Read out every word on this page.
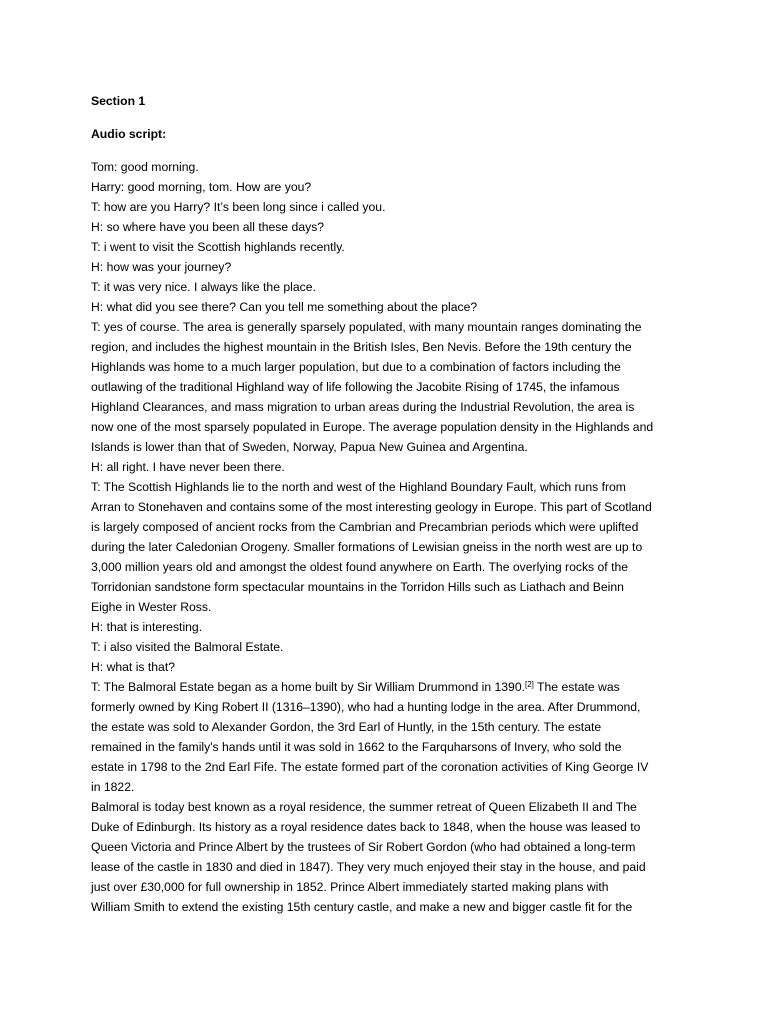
Section 1
Audio script:
Tom: good morning.
Harry: good morning, tom. How are you?
T: how are you Harry? It’s been long since i called you.
H: so where have you been all these days?
T: i went to visit the Scottish highlands recently.
H: how was your journey?
T: it was very nice. I always like the place.
H: what did you see there? Can you tell me something about the place?
T: yes of course. The area is generally sparsely populated, with many mountain ranges dominating the
region, and includes the highest mountain in the British Isles, Ben Nevis. Before the 19th century the
Highlands was home to a much larger population, but due to a combination of factors including the
outlawing of the traditional Highland way of life following the Jacobite Rising of 1745, the infamous
Highland Clearances, and mass migration to urban areas during the Industrial Revolution, the area is
now one of the most sparsely populated in Europe. The average population density in the Highlands and
Islands is lower than that of Sweden, Norway, Papua New Guinea and Argentina.
H: all right. I have never been there.
T: The Scottish Highlands lie to the north and west of the Highland Boundary Fault, which runs from
Arran to Stonehaven and contains some of the most interesting geology in Europe. This part of Scotland
is largely composed of ancient rocks from the Cambrian and Precambrian periods which were uplifted
during the later Caledonian Orogeny. Smaller formations of Lewisian gneiss in the north west are up to
3,000 million years old and amongst the oldest found anywhere on Earth. The overlying rocks of the
Torridonian sandstone form spectacular mountains in the Torridon Hills such as Liathach and Beinn
Eighe in Wester Ross.
H: that is interesting.
T: i also visited the Balmoral Estate.
H: what is that?
T: The Balmoral Estate began as a home built by Sir William Drummond in 1390.[2] The estate was
formerly owned by King Robert II (1316–1390), who had a hunting lodge in the area. After Drummond,
the estate was sold to Alexander Gordon, the 3rd Earl of Huntly, in the 15th century. The estate
remained in the family's hands until it was sold in 1662 to the Farquharsons of Invery, who sold the
estate in 1798 to the 2nd Earl Fife. The estate formed part of the coronation activities of King George IV
in 1822.
Balmoral is today best known as a royal residence, the summer retreat of Queen Elizabeth II and The
Duke of Edinburgh. Its history as a royal residence dates back to 1848, when the house was leased to
Queen Victoria and Prince Albert by the trustees of Sir Robert Gordon (who had obtained a long-term
lease of the castle in 1830 and died in 1847). They very much enjoyed their stay in the house, and paid
just over £30,000 for full ownership in 1852. Prince Albert immediately started making plans with
William Smith to extend the existing 15th century castle, and make a new and bigger castle fit for the
